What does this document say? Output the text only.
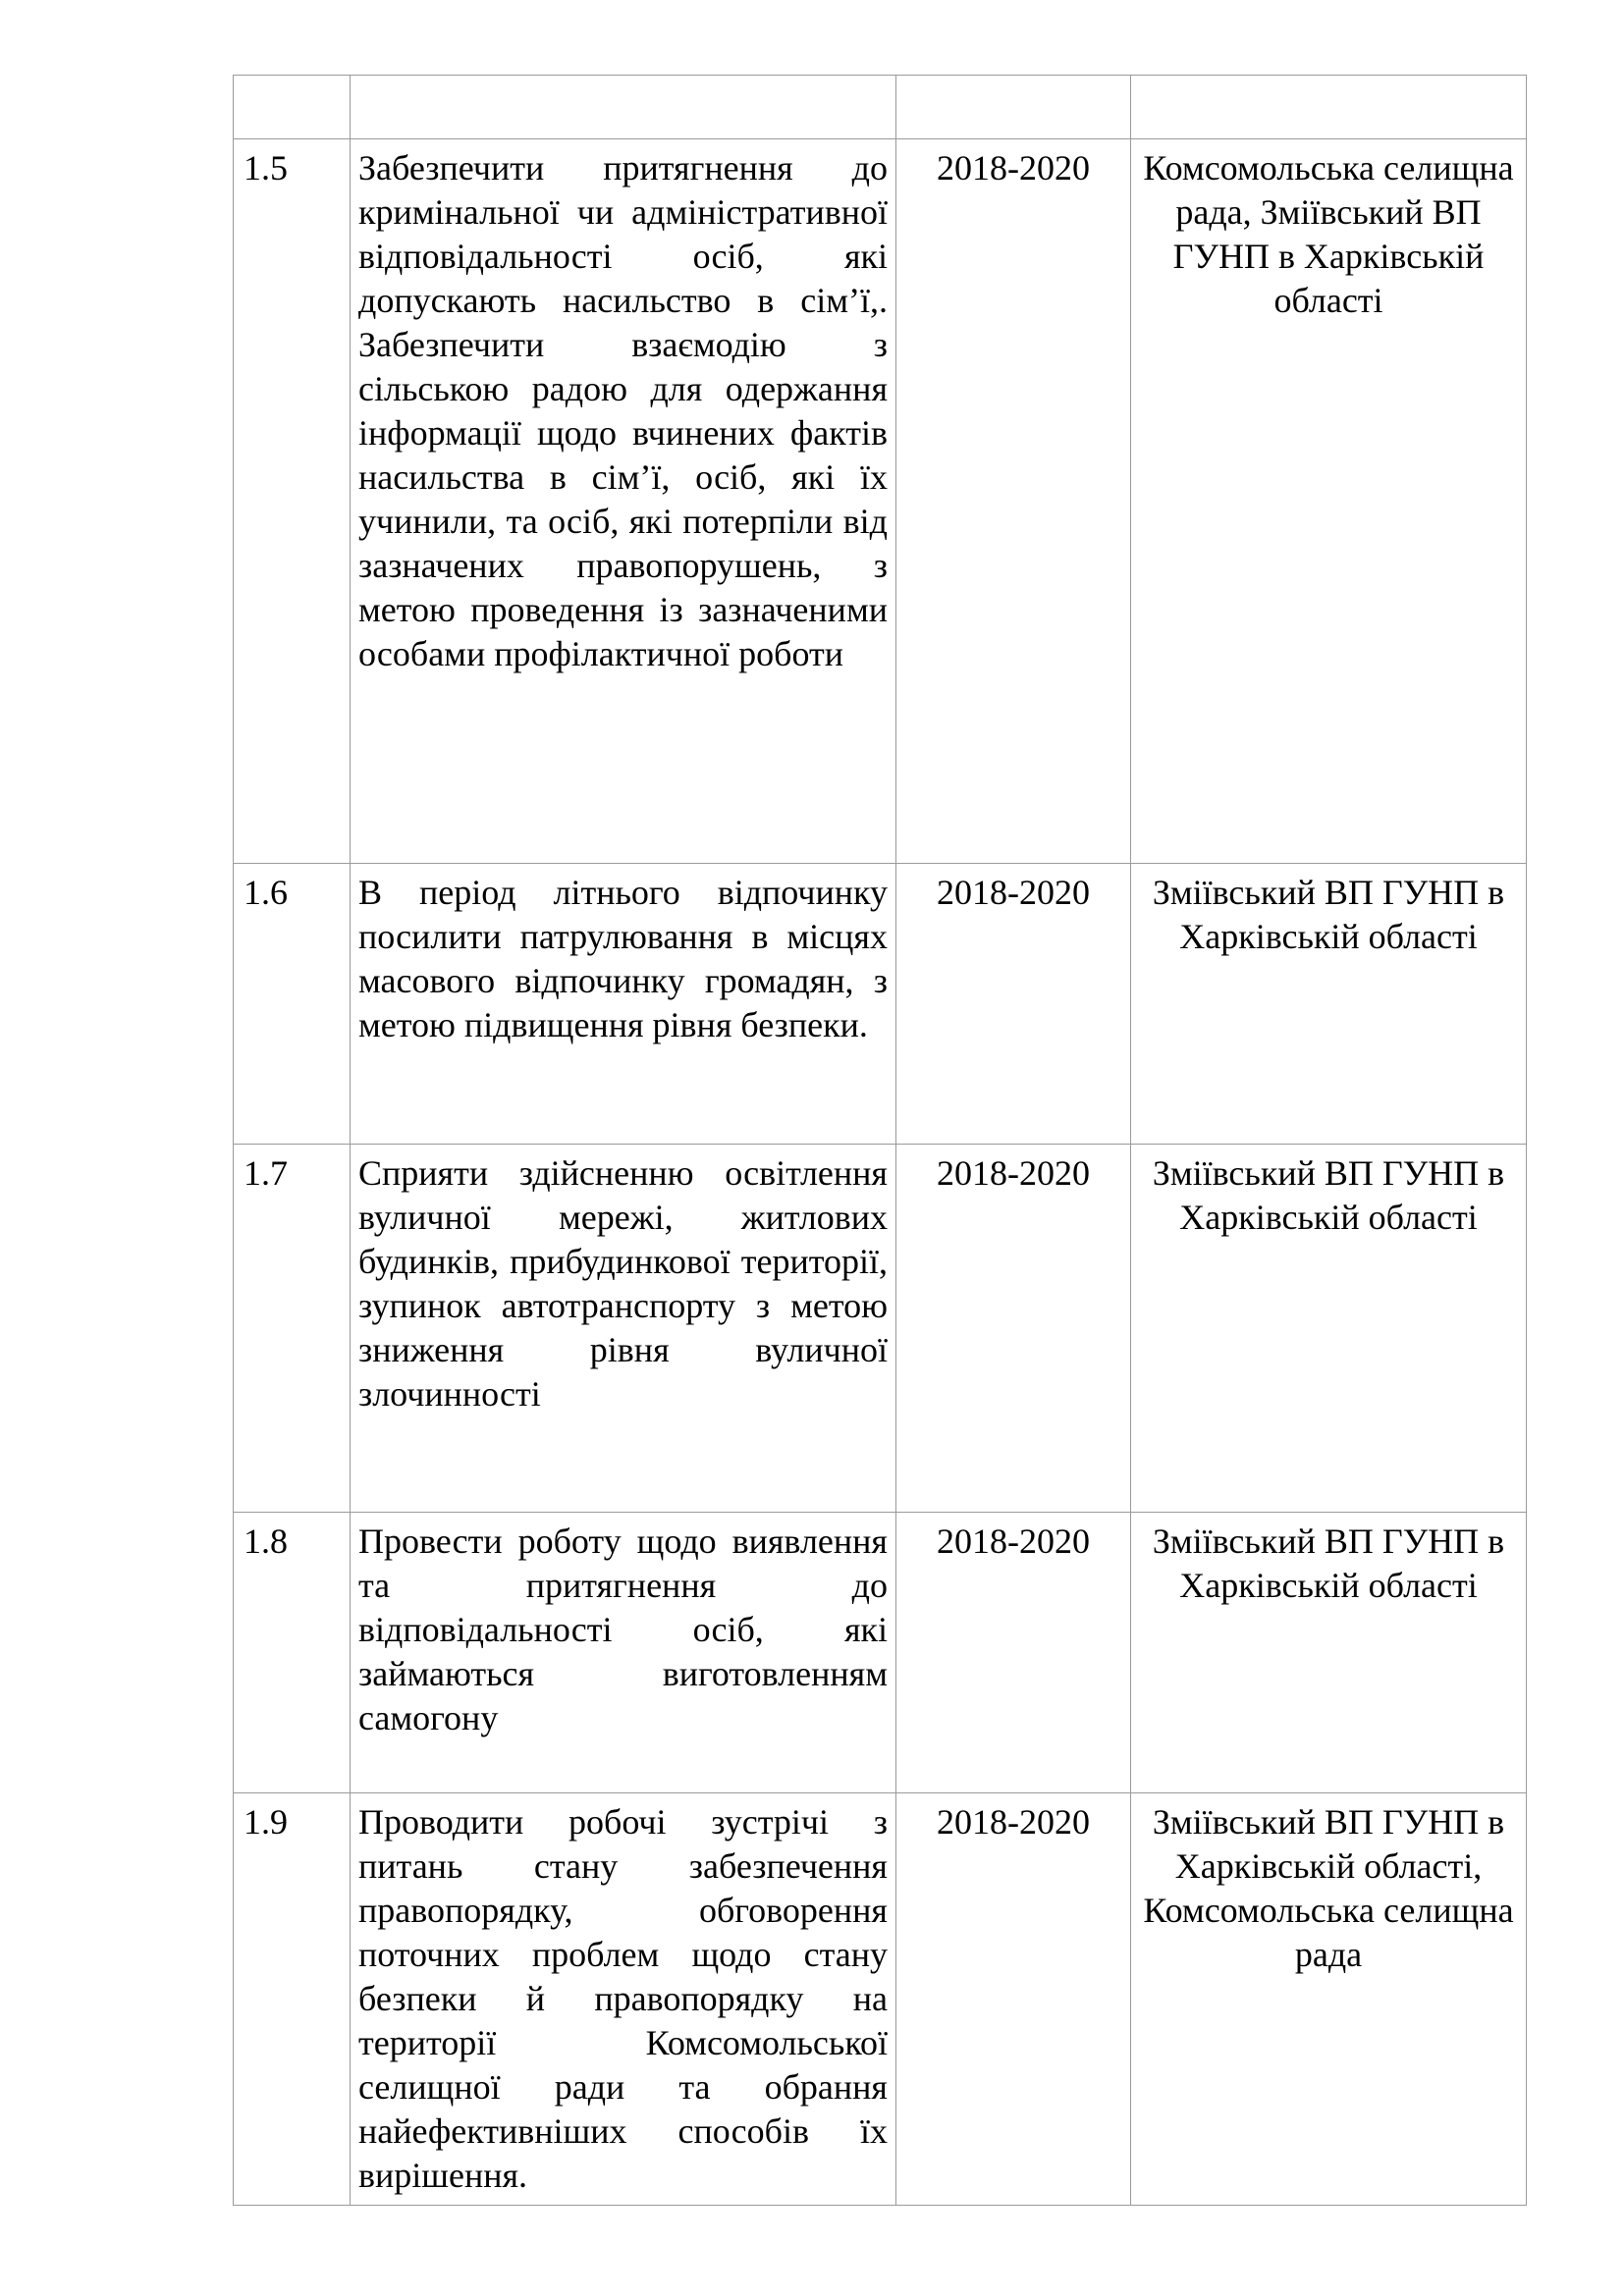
1.5	Забезпечити притягнення до кримінальної чи адміністративної відповідальності осіб, які допускають насильство в сім’ї,. Забезпечити взаємодію з сільською радою для одержання інформації щодо вчинених фактів насильства в сім’ї, осіб, які їх учинили, та осіб, які потерпіли від зазначених правопорушень, з метою проведення із зазначеними особами профілактичної роботи	2018-2020	Комсомольська селищна рада, Зміївський ВП ГУНП в Харківській області
1.6	В період літнього відпочинку посилити патрулювання в місцях масового відпочинку громадян, з метою підвищення рівня безпеки.	2018-2020	Зміївський ВП ГУНП в Харківській області
1.7	Сприяти здійсненню освітлення вуличної мережі, житлових будинків, прибудинкової території, зупинок автотранспорту з метою зниження рівня вуличної злочинності	2018-2020	Зміївський ВП ГУНП в Харківській області
1.8	Провести роботу щодо виявлення та притягнення до відповідальності осіб, які займаються виготовленням самогону	2018-2020	Зміївський ВП ГУНП в Харківській області
1.9	Проводити робочі зустрічі з питань стану забезпечення правопорядку, обговорення поточних проблем щодо стану безпеки й правопорядку на території Комсомольської селищної ради та обрання найефективніших способів їх вирішення.	2018-2020	Зміївський ВП ГУНП в Харківській області, Комсомольська селищна рада
